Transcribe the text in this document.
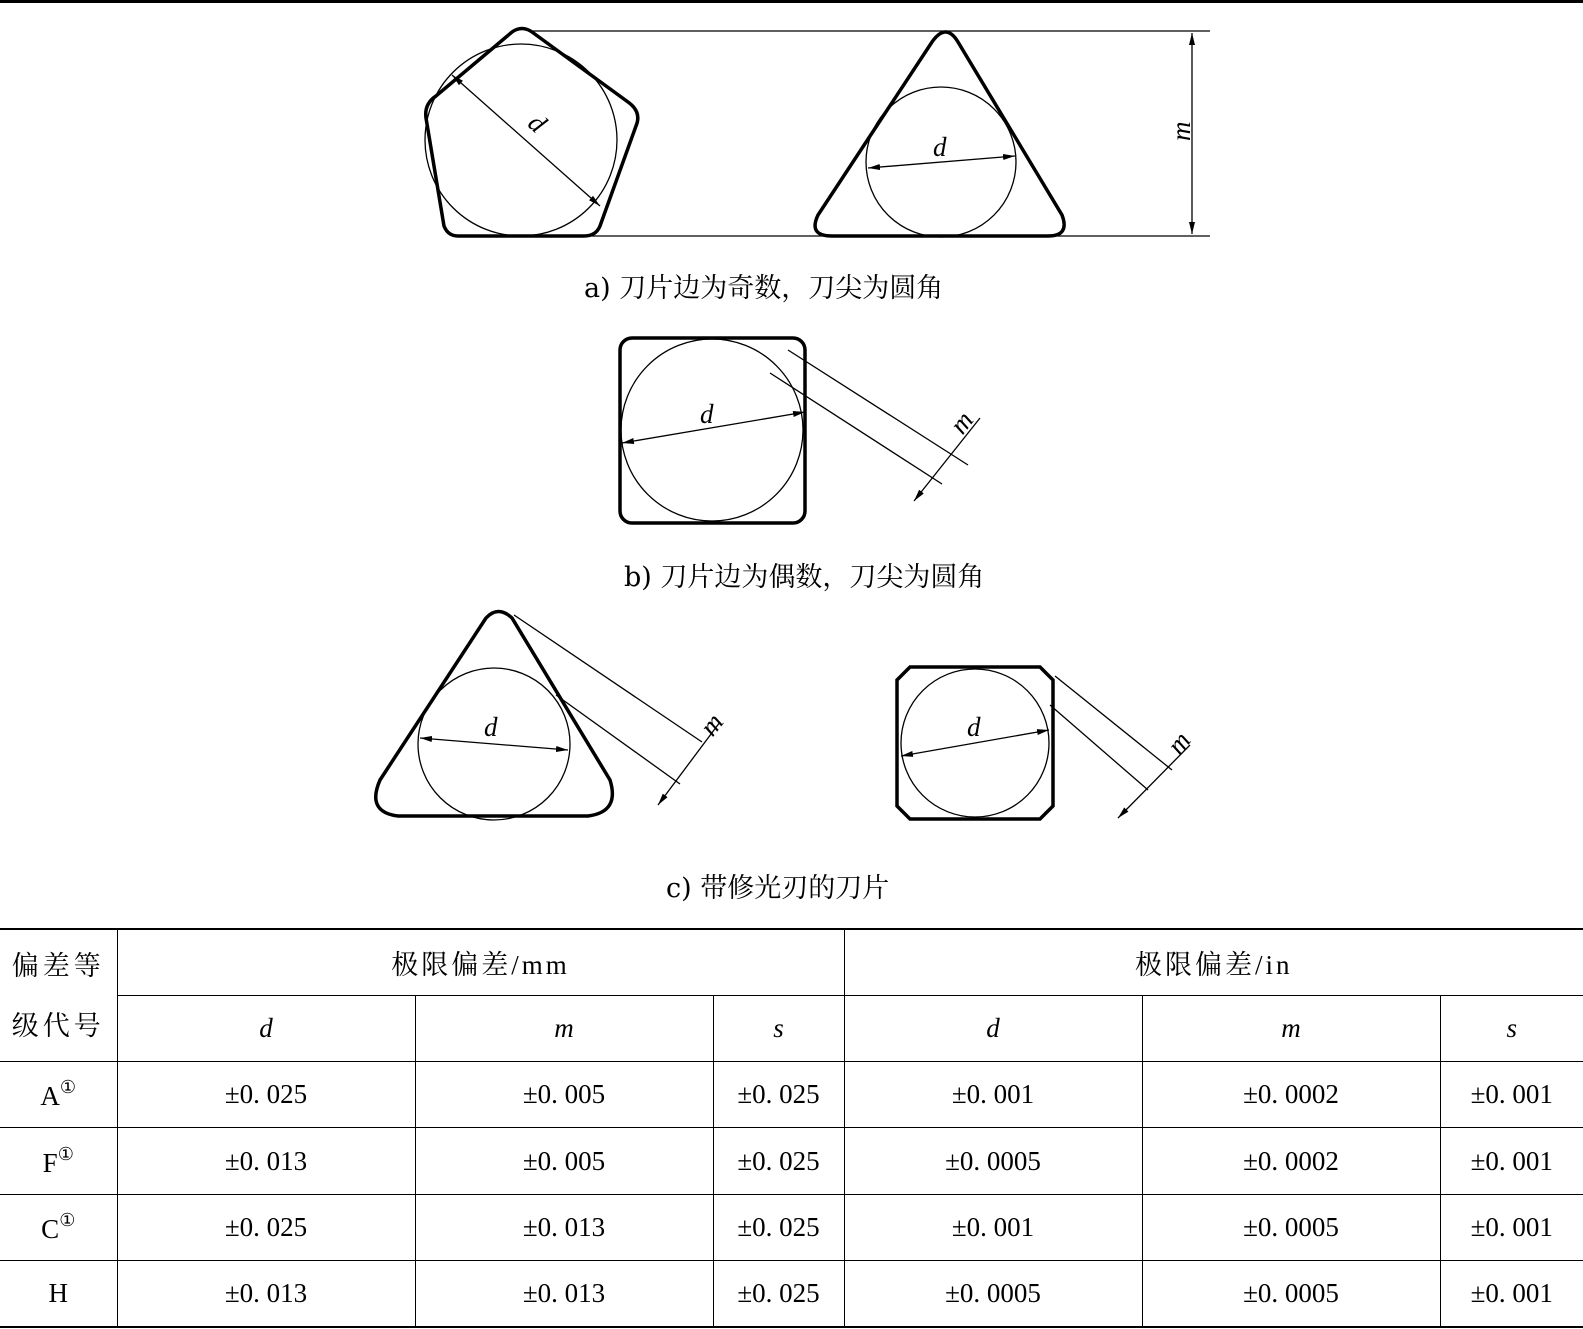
d
d
m
a) 刀片边为奇数，刀尖为圆角
d	m
b) 刀片边为偶数，刀尖为圆角
d	m	d	m
c) 带修光刃的刀片
偏差等
级代号	极限偏差/mm			极限偏差/in		
	d	m	s	d	m	s
A①	±0. 025	±0. 005	±0. 025	±0. 001	±0. 0002	±0. 001
F①	±0. 013	±0. 005	±0. 025	±0. 0005	±0. 0002	±0. 001
C①	±0. 025	±0. 013	±0. 025	±0. 001	±0. 0005	±0. 001
H	±0. 013	±0. 013	±0. 025	±0. 0005	±0. 0005	±0. 001
